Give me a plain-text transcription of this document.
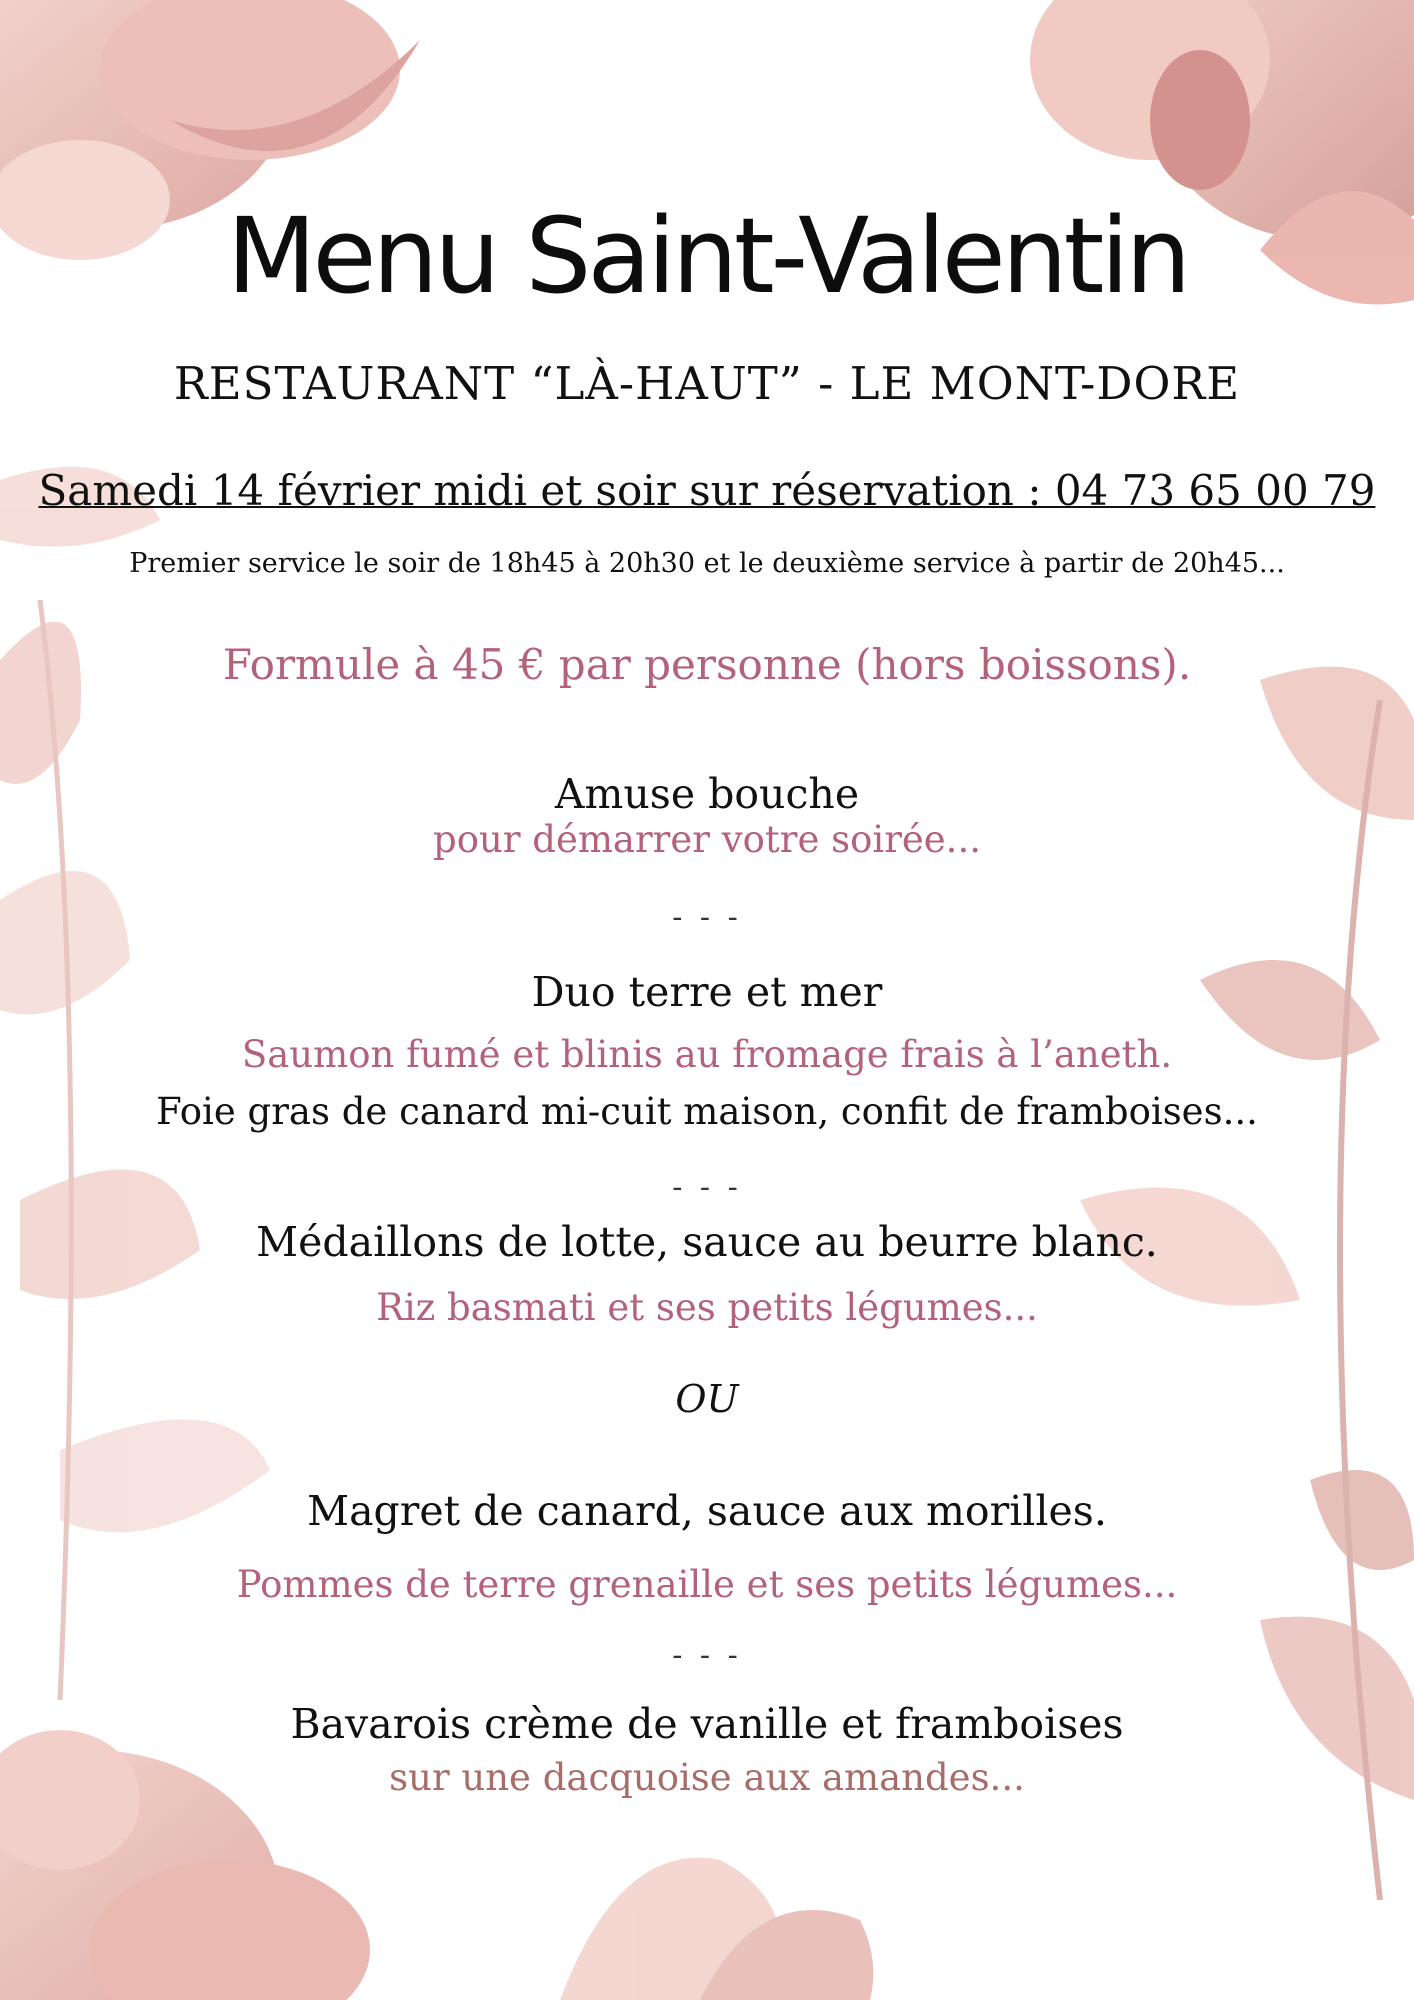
Menu Saint-Valentin

RESTAURANT “LÀ-HAUT” - LE MONT-DORE

Samedi 14 février midi et soir sur réservation : 04 73 65 00 79

Premier service le soir de 18h45 à 20h30 et le deuxième service à partir de 20h45...

Formule à 45 € par personne (hors boissons).

Amuse bouche

pour démarrer votre soirée...

- - -

Duo terre et mer

Saumon fumé et blinis au fromage frais à l’aneth.

Foie gras de canard mi-cuit maison, confit de framboises...

- - -

Médaillons de lotte, sauce au beurre blanc.

Riz basmati et ses petits légumes...

OU

Magret de canard, sauce aux morilles.

Pommes de terre grenaille et ses petits légumes...

- - -

Bavarois crème de vanille et framboises

sur une dacquoise aux amandes...
